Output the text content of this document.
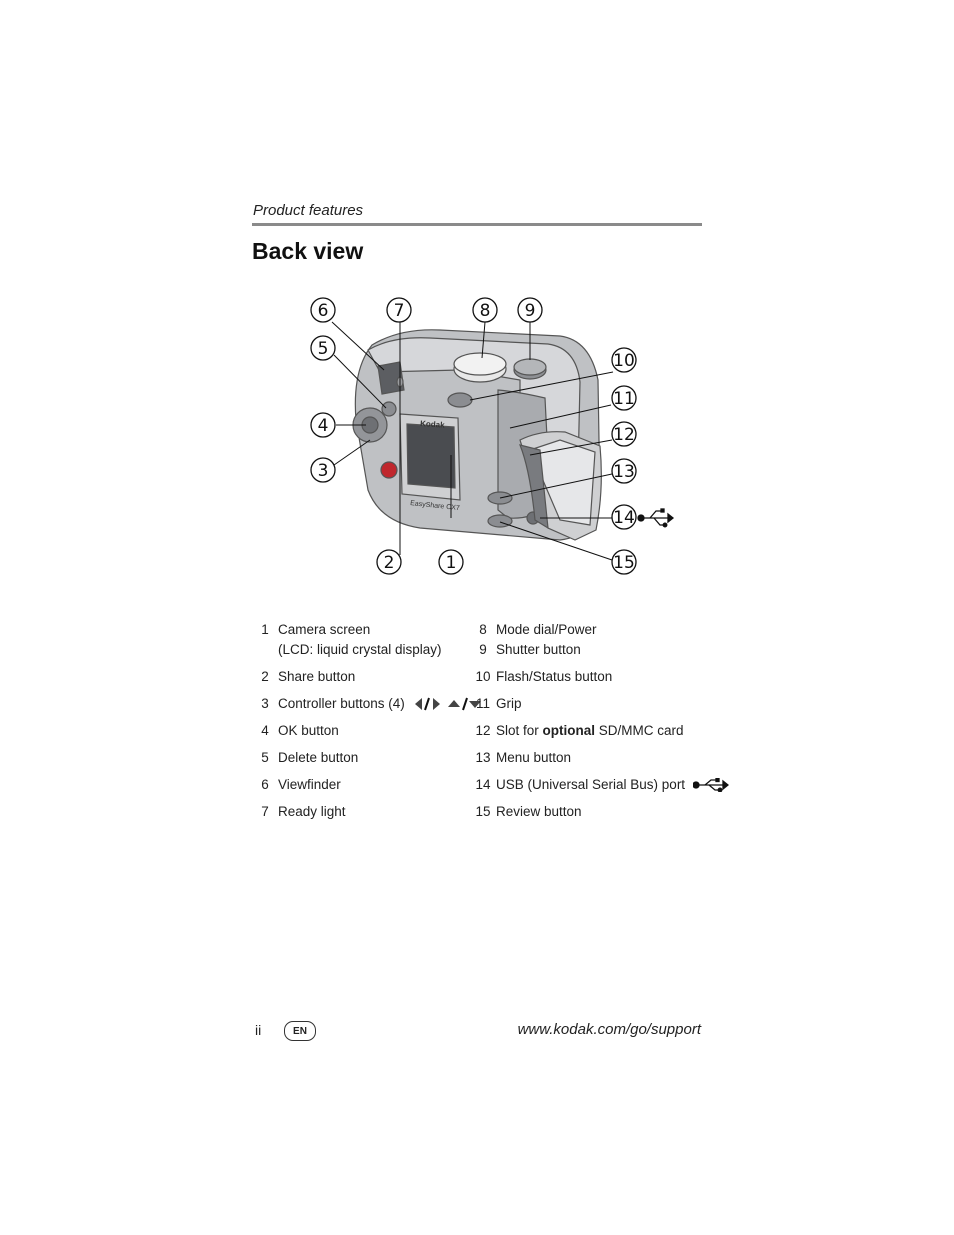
Product features
Back view
Kodak
EasyShare CX7
6	7	8 9
5
10
11
4	12
3	13
14
2	1	15
1 Camera screen
(LCD: liquid crystal display)
2 Share button
3 Controller buttons (4)
4 OK button
5 Delete button
6 Viewfinder
7 Ready light
8 Mode dial/Power
9 Shutter button
10 Flash/Status button
11 Grip
12 Slot for optional SD/MMC card
13 Menu button
14 USB (Universal Serial Bus) port
15 Review button
ii	EN	www.kodak.com/go/support
